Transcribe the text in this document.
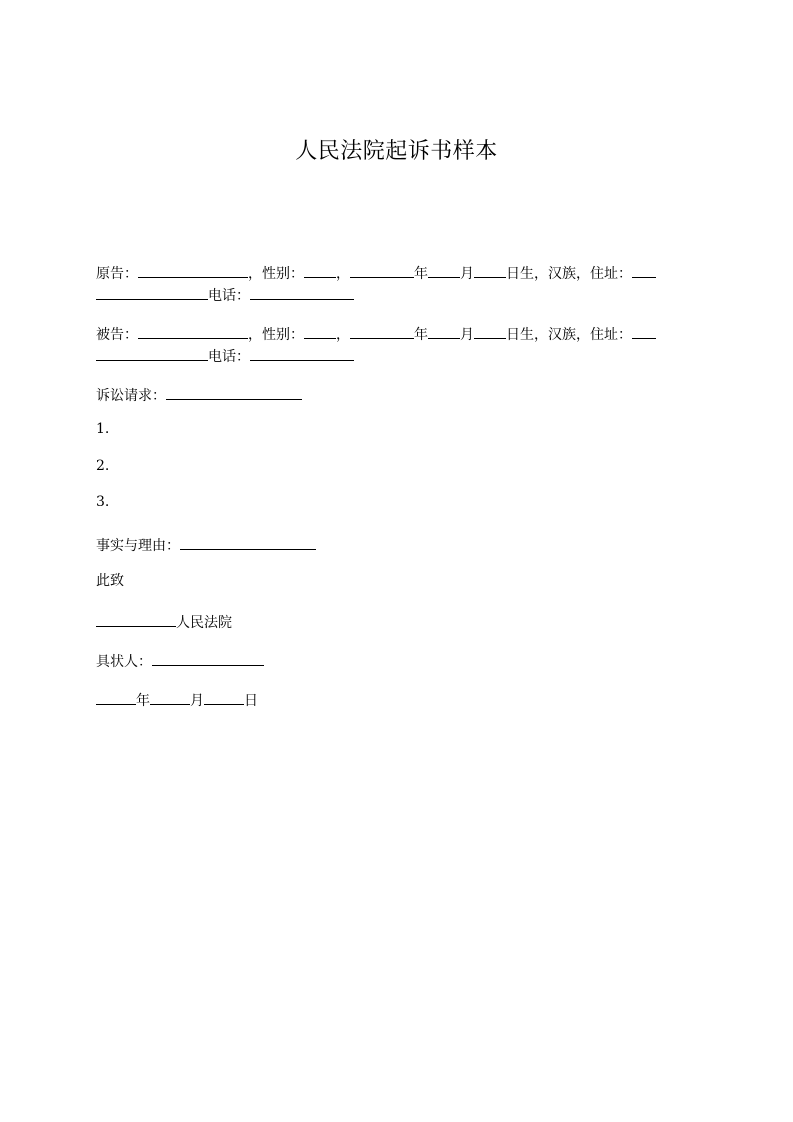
人民法院起诉书样本
原告：	，性别： ，	年 月 日生，汉族，住址：
电话：
被告：	，性别： ，	年 月 日生，汉族，住址：
电话：
诉讼请求：
1.
2.
3.
事实与理由：
此致
人民法院
具状人：
年	月	日
